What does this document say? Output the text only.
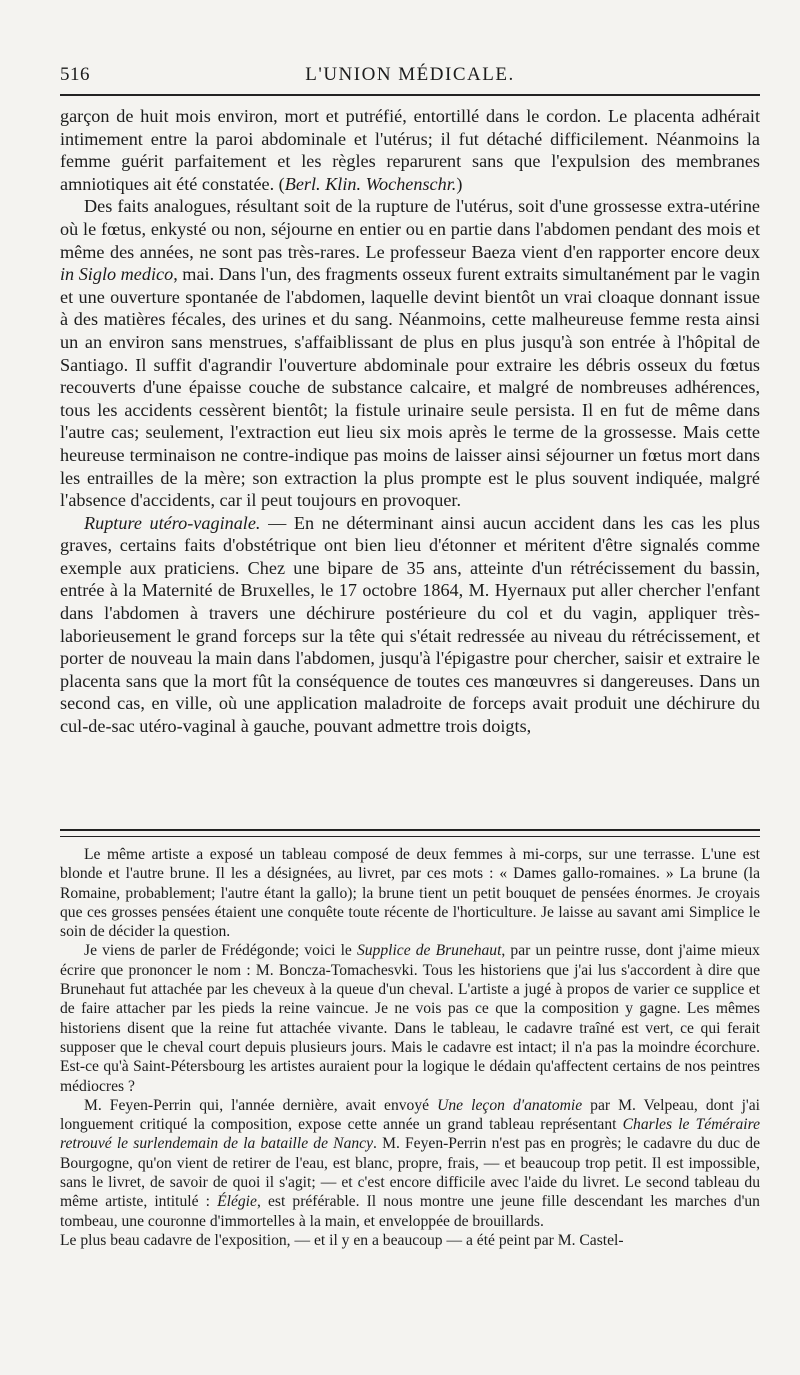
516	L'UNION MÉDICALE.

garçon de huit mois environ, mort et putréfié, entortillé dans le cordon. Le placenta adhérait intimement entre la paroi abdominale et l'utérus; il fut détaché difficilement. Néanmoins la femme guérit parfaitement et les règles reparurent sans que l'expulsion des membranes amniotiques ait été constatée. (Berl. Klin. Wochenschr.)

Des faits analogues, résultant soit de la rupture de l'utérus, soit d'une grossesse extra-utérine où le fœtus, enkysté ou non, séjourne en entier ou en partie dans l'abdomen pendant des mois et même des années, ne sont pas très-rares. Le professeur Baeza vient d'en rapporter encore deux in Siglo medico, mai. Dans l'un, des fragments osseux furent extraits simultanément par le vagin et une ouverture spontanée de l'abdomen, laquelle devint bientôt un vrai cloaque donnant issue à des matières fécales, des urines et du sang. Néanmoins, cette malheureuse femme resta ainsi un an environ sans menstrues, s'affaiblissant de plus en plus jusqu'à son entrée à l'hôpital de Santiago. Il suffit d'agrandir l'ouverture abdominale pour extraire les débris osseux du fœtus recouverts d'une épaisse couche de substance calcaire, et malgré de nombreuses adhérences, tous les accidents cessèrent bientôt; la fistule urinaire seule persista. Il en fut de même dans l'autre cas; seulement, l'extraction eut lieu six mois après le terme de la grossesse. Mais cette heureuse terminaison ne contre-indique pas moins de laisser ainsi séjourner un fœtus mort dans les entrailles de la mère; son extraction la plus prompte est le plus souvent indiquée, malgré l'absence d'accidents, car il peut toujours en provoquer.

Rupture utéro-vaginale. — En ne déterminant ainsi aucun accident dans les cas les plus graves, certains faits d'obstétrique ont bien lieu d'étonner et méritent d'être signalés comme exemple aux praticiens. Chez une bipare de 35 ans, atteinte d'un rétrécissement du bassin, entrée à la Maternité de Bruxelles, le 17 octobre 1864, M. Hyernaux put aller chercher l'enfant dans l'abdomen à travers une déchirure postérieure du col et du vagin, appliquer très-laborieusement le grand forceps sur la tête qui s'était redressée au niveau du rétrécissement, et porter de nouveau la main dans l'abdomen, jusqu'à l'épigastre pour chercher, saisir et extraire le placenta sans que la mort fût la conséquence de toutes ces manœuvres si dangereuses. Dans un second cas, en ville, où une application maladroite de forceps avait produit une déchirure du cul-de-sac utéro-vaginal à gauche, pouvant admettre trois doigts,

Le même artiste a exposé un tableau composé de deux femmes à mi-corps, sur une terrasse. L'une est blonde et l'autre brune. Il les a désignées, au livret, par ces mots : « Dames gallo-romaines. » La brune (la Romaine, probablement; l'autre étant la gallo); la brune tient un petit bouquet de pensées énormes. Je croyais que ces grosses pensées étaient une conquête toute récente de l'horticulture. Je laisse au savant ami Simplice le soin de décider la question.

Je viens de parler de Frédégonde; voici le Supplice de Brunehaut, par un peintre russe, dont j'aime mieux écrire que prononcer le nom : M. Boncza-Tomachesvki. Tous les historiens que j'ai lus s'accordent à dire que Brunehaut fut attachée par les cheveux à la queue d'un cheval. L'artiste a jugé à propos de varier ce supplice et de faire attacher par les pieds la reine vaincue. Je ne vois pas ce que la composition y gagne. Les mêmes historiens disent que la reine fut attachée vivante. Dans le tableau, le cadavre traîné est vert, ce qui ferait supposer que le cheval court depuis plusieurs jours. Mais le cadavre est intact; il n'a pas la moindre écorchure. Est-ce qu'à Saint-Pétersbourg les artistes auraient pour la logique le dédain qu'affectent certains de nos peintres médiocres ?

M. Feyen-Perrin qui, l'année dernière, avait envoyé Une leçon d'anatomie par M. Velpeau, dont j'ai longuement critiqué la composition, expose cette année un grand tableau représentant Charles le Téméraire retrouvé le surlendemain de la bataille de Nancy. M. Feyen-Perrin n'est pas en progrès; le cadavre du duc de Bourgogne, qu'on vient de retirer de l'eau, est blanc, propre, frais, — et beaucoup trop petit. Il est impossible, sans le livret, de savoir de quoi il s'agit; — et c'est encore difficile avec l'aide du livret. Le second tableau du même artiste, intitulé : Élégie, est préférable. Il nous montre une jeune fille descendant les marches d'un tombeau, une couronne d'immortelles à la main, et enveloppée de brouillards.

Le plus beau cadavre de l'exposition, — et il y en a beaucoup — a été peint par M. Castel-
